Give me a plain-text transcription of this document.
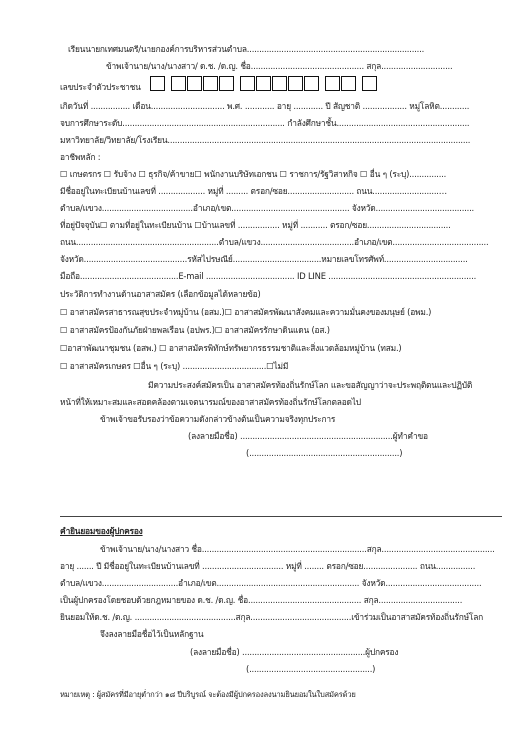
เรียนนายกเทศมนตรี/นายกองค์การบริหารส่วนตำบล........................................................................
ข้าพเจ้านาย/นาง/นางสาว/ ด.ช. /ด.ญ. ชื่อ.............................................. สกุล.............................
เลขประจำตัวประชาชน
เกิดวันที่ ................ เดือน.............................. พ.ศ. ............ อายุ ............ ปี สัญชาติ .................. หมู่โลหิต............
จบการศึกษาระดับ.................................................................. กำลังศึกษาชั้น......................................................
มหาวิทยาลัย/วิทยาลัย/โรงเรียน...........................................................................................................................
อาชีพหลัก :
☐ เกษตรกร ☐ รับจ้าง ☐ ธุรกิจ/ค้าขาย☐ พนักงานบริษัทเอกชน ☐ ราชการ/รัฐวิสาหกิจ ☐ อื่น ๆ (ระบุ)...............
มีชื่ออยู่ในทะเบียนบ้านเลขที่ ................... หมู่ที่ ......... ตรอก/ซอย........................... ถนน...........................…
ตำบล/แขวง.....................................อำเภอ/เขต................................................ จังหวัด........................................
ที่อยู่ปัจจุบัน☐ ตามที่อยู่ในทะเบียนบ้าน ☐บ้านเลขที่ ................. หมู่ที่ ........... ตรอก/ซอย..................................
ถนน..........................................................ตำบล/แขวง......................................อำเภอ/เขต.......................................
จังหวัด..........................................รหัสไปรษณีย์....................................หมายเลขโทรศัพท์..................................
มือถือ........................................E-mail .................................... ID LINE ............................................................
ประวัติการทำงานด้านอาสาสมัคร (เลือกข้อมูลได้หลายข้อ)
☐ อาสาสมัครสาธารณสุขประจำหมู่บ้าน (อสม.)☐ อาสาสมัครพัฒนาสังคมและความมั่นคงของมนุษย์ (อพม.)
☐ อาสาสมัครป้องกันภัยฝ่ายพลเรือน (อปพร.)☐ อาสาสมัครรักษาดินแดน (อส.)
☐อาสาพัฒนาชุมชน (อสพ.) ☐ อาสาสมัครพิทักษ์ทรัพยากรธรรมชาติและสิ่งแวดล้อมหมู่บ้าน (ทสม.)
☐ อาสาสมัครเกษตร ☐อื่น ๆ (ระบุ) ..................................☐ไม่มี
มีความประสงค์สมัครเป็น อาสาสมัครท้องถิ่นรักษ์โลก และขอสัญญาว่าจะประพฤติตนและปฏิบัติ
หน้าที่ให้เหมาะสมและสอดคล้องตามเจตนารมณ์ของอาสาสมัครท้องถิ่นรักษ์โลกตลอดไป
ข้าพเจ้าขอรับรองว่าข้อความดังกล่าวข้างต้นเป็นความจริงทุกประการ
(ลงลายมือชื่อ) ..............................................................ผู้ทำคำขอ
(.............................................................)
คำยินยอมของผู้ปกครอง
ข้าพเจ้านาย/นาง/นางสาว ชื่อ...................................................................สกุล..............................................
อายุ ....... ปี มีชื่ออยู่ในทะเบียนบ้านเลขที่ ................................. หมู่ที่ ........ ตรอก/ซอย...................... ถนน................
ตำบล/แขวง...............................อำเภอ/เขต.......................................................... จังหวัด.......................................
เป็นผู้ปกครองโดยชอบด้วยกฎหมายของ ด.ช. /ด.ญ. ชื่อ.............................................. สกุล..................................
ยินยอมให้ด.ช. /ด.ญ. .........................................สกุล.........................................เข้าร่วมเป็นอาสาสมัครท้องถิ่นรักษ์โลก
จึงลงลายมือชื่อไว้เป็นหลักฐาน
(ลงลายมือชื่อ) ..................................................ผู้ปกครอง
(..................................................)
หมายเหตุ : ผู้สมัครที่มีอายุต่ำกว่า ๑๘ ปีบริบูรณ์ จะต้องมีผู้ปกครองลงนามยินยอมในใบสมัครด้วย
